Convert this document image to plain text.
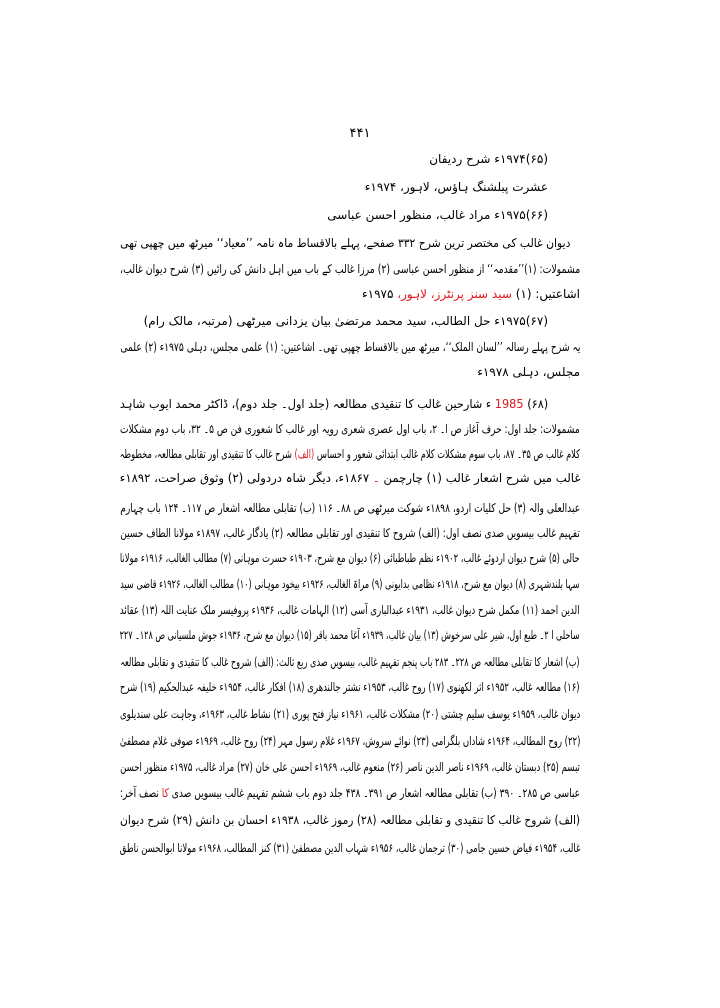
۴۴۱
(۶۵)۱۹۷۴ء شرح ردیفان
عشرت پبلشنگ ہاؤس، لاہور، ۱۹۷۴ء
(۶۶)۱۹۷۵ء مراد غالب، منظور احسن عباسی
دیوان غالب کی مختصر ترین شرح ۳۳۲ صفحے، پہلے بالاقساط ماہ نامہ ’’معیاد‘‘ میرٹھ میں چھپی تھی
مشمولات: (۱)’’مقدمہ‘‘ از منظور احسن عباسی (۲) مرزا غالب کے باب میں اہل دانش کی رائیں (۳) شرح دیوان غالب،
اشاعتیں: (۱) سید سنز پرنٹرز، لاہور، ۱۹۷۵ء
(۶۷)۱۹۷۵ء حل الطالب، سید محمد مرتضیٰ بیان یزدانی میرٹھی (مرتبہ، مالک رام)
یہ شرح پہلے رسالہ ’’لسان الملک‘‘، میرٹھ میں بالاقساط چھپی تھی۔ اشاعتیں: (۱) علمی مجلس، دہلی ۱۹۷۵ء (۲) علمی
مجلس، دہلی ۱۹۷۸ء
(۶۸) 1985 ء شارحین غالب کا تنقیدی مطالعہ (جلد اول۔ جلد دوم)، ڈاکٹر محمد ایوب شاہد
مشمولات: جلد اول: حرف آغاز ص ا۔ ۲، باب اول عصری شعری رویہ اور غالب کا شعوری فن ص ۵۔ ۳۲، باب دوم مشکلات
کلام غالب ص ۳۵۔ ۸۷، باب سوم مشکلات کلام غالب ابتدائی شعور و احساس (الف) شرح غالب کا تنقیدی اور تقابلی مطالعہ، مخطوطہ
غالب میں شرح اشعار غالب (۱) چارچمن ۔ ۱۸۶۷ء، دیگر شاہ دردولی (۲) وثوق صراحت، ۱۸۹۲ء
عبدالعلی والہ (۳) حل کلیات اردو، ۱۸۹۸ء شوکت میرٹھی ص ۸۸۔ ۱۱۶ (ب) تقابلی مطالعہ اشعار ص ۱۱۷۔ ۱۲۴ باب چہارم
تفہیم غالب بیسویں صدی نصف اول: (الف) شروح کا تنقیدی اور تقابلی مطالعہ (۲) یادگار غالب، ۱۸۹۷ء مولانا الطاف حسین
حالی (۵) شرح دیوان اردوئے غالب، ۱۹۰۲ء نظم طباطبائی (۶) دیوان مع شرح، ۱۹۰۳ء حسرت موہانی (۷) مطالب الغالب، ۱۹۱۶ء مولانا
سہا بلندشہری (۸) دیوان مع شرح، ۱۹۱۸ء نظامی بدایونی (۹) مراۃ الغالب، ۱۹۲۶ء بیخود موہانی (۱۰) مطالب الغالب، ۱۹۲۶ء قاضی سید
الدین احمد (۱۱) مکمل شرح دیوان غالب، ۱۹۳۱ء عبدالباری آسی (۱۲) الہامات غالب، ۱۹۳۶ء پروفیسر ملک عنایت اللہ (۱۳) عقائد
ساحلی ا ۲۔ طبع اول، شیر علی سرخوش (۱۳) بیان غالب، ۱۹۳۹ء آغا محمد باقر (۱۵) دیوان مع شرح، ۱۹۳۶ء جوش ملسیانی ص ۱۲۸۔ ۲۲۷
(ب) اشعار کا تقابلی مطالعہ ص ۲۲۸۔ ۲۸۳ باب پنجم تفہیم غالب، بیسویں صدی ربع ثالث: (الف) شروح غالب کا تنقیدی و تقابلی مطالعہ
(۱۶) مطالعہ غالب، ۱۹۵۲ء اثر لکھنوی (۱۷) روح غالب، ۱۹۵۳ء نشتر جالندھری (۱۸) افکار غالب، ۱۹۵۴ء خلیفہ عبدالحکیم (۱۹) شرح
دیوان غالب، ۱۹۵۹ء یوسف سلیم چشتی (۲۰) مشکلات غالب، ۱۹۶۱ء نیاز فتح پوری (۲۱) نشاط غالب، ۱۹۶۳ء، وجاہت علی سندیلوی
(۲۲) روح المطالب، ۱۹۶۴ء شاداں بلگرامی (۲۳) نوائے سروش، ۱۹۶۷ء غلام رسول مہر (۲۴) روح غالب، ۱۹۶۹ء صوفی غلام مصطفیٰ
تبسم (۲۵) دبستان غالب، ۱۹۶۹ء ناصر الدین ناصر (۲۶) منعوم غالب، ۱۹۶۹ء احسن علی خان (۲۷) مراد غالب، ۱۹۷۵ء منظور احسن
عباسی ص ۲۸۵۔ ۳۹۰ (ب) تقابلی مطالعہ اشعار ص ۳۹۱۔ ۴۳۸ جلد دوم باب ششم تفہیم غالب بیسویں صدی کا نصف آخر:
(الف) شروح غالب کا تنقیدی و تقابلی مطالعہ (۲۸) رموز غالب، ۱۹۳۸ء احسان بن دانش (۲۹) شرح دیوان
غالب، ۱۹۵۴ء فیاض حسین جامی (۳۰) ترجمان غالب، ۱۹۵۶ء شہاب الدین مصطفیٰ (۳۱) کنز المطالب، ۱۹۶۸ء مولانا ابوالحسن ناطق
